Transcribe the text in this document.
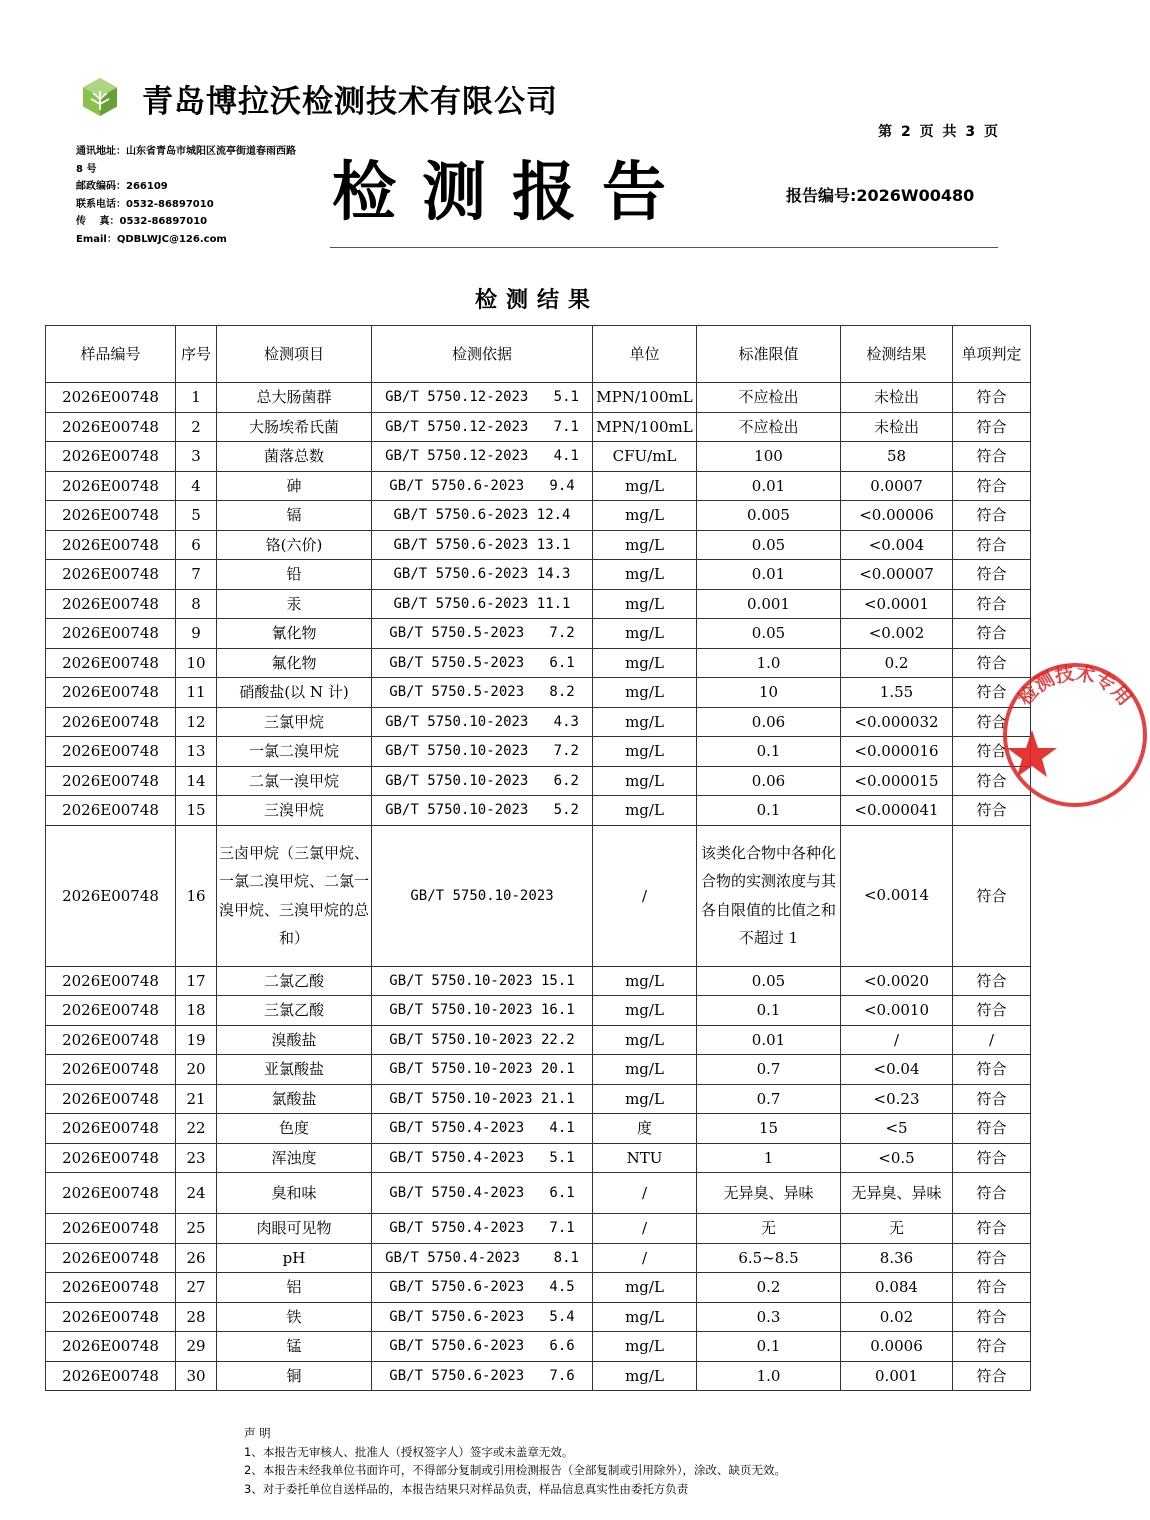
青岛博拉沃检测技术有限公司
第 2 页 共 3 页
通讯地址：山东省青岛市城阳区流亭街道春雨西路
8 号
邮政编码：266109
联系电话：0532-86897010
传　 真：0532-86897010
Email：QDBLWJC@126.com
检测报告	报告编号:2026W00480
检测结果
样品编号	序号	检测项目	检测依据	单位	标准限值	检测结果	单项判定
2026E00748	1	总大肠菌群	GB/T 5750.12-2023   5.1	MPN/100mL	不应检出	未检出	符合
2026E00748	2	大肠埃希氏菌	GB/T 5750.12-2023   7.1	MPN/100mL	不应检出	未检出	符合
2026E00748	3	菌落总数	GB/T 5750.12-2023   4.1	CFU/mL	100	58	符合
2026E00748	4	砷	GB/T 5750.6-2023   9.4	mg/L	0.01	0.0007	符合
2026E00748	5	镉	GB/T 5750.6-2023 12.4	mg/L	0.005	<0.00006	符合
2026E00748	6	铬(六价)	GB/T 5750.6-2023 13.1	mg/L	0.05	<0.004	符合
2026E00748	7	铅	GB/T 5750.6-2023 14.3	mg/L	0.01	<0.00007	符合
2026E00748	8	汞	GB/T 5750.6-2023 11.1	mg/L	0.001	<0.0001	符合
2026E00748	9	氰化物	GB/T 5750.5-2023   7.2	mg/L	0.05	<0.002	符合
2026E00748	10	氟化物	GB/T 5750.5-2023   6.1	mg/L	1.0	0.2	符合
2026E00748	11	硝酸盐(以 N 计)	GB/T 5750.5-2023   8.2	mg/L	10	1.55	符合
2026E00748	12	三氯甲烷	GB/T 5750.10-2023   4.3	mg/L	0.06	<0.000032	符合
2026E00748	13	一氯二溴甲烷	GB/T 5750.10-2023   7.2	mg/L	0.1	<0.000016	符合
2026E00748	14	二氯一溴甲烷	GB/T 5750.10-2023   6.2	mg/L	0.06	<0.000015	符合
2026E00748	15	三溴甲烷	GB/T 5750.10-2023   5.2	mg/L	0.1	<0.000041	符合
2026E00748	16	三卤甲烷（三氯甲烷、一氯二溴甲烷、二氯一溴甲烷、三溴甲烷的总和）	GB/T 5750.10-2023	/	该类化合物中各种化合物的实测浓度与其各自限值的比值之和不超过 1	<0.0014	符合
2026E00748	17	二氯乙酸	GB/T 5750.10-2023 15.1	mg/L	0.05	<0.0020	符合
2026E00748	18	三氯乙酸	GB/T 5750.10-2023 16.1	mg/L	0.1	<0.0010	符合
2026E00748	19	溴酸盐	GB/T 5750.10-2023 22.2	mg/L	0.01	/	/
2026E00748	20	亚氯酸盐	GB/T 5750.10-2023 20.1	mg/L	0.7	<0.04	符合
2026E00748	21	氯酸盐	GB/T 5750.10-2023 21.1	mg/L	0.7	<0.23	符合
2026E00748	22	色度	GB/T 5750.4-2023   4.1	度	15	<5	符合
2026E00748	23	浑浊度	GB/T 5750.4-2023   5.1	NTU	1	<0.5	符合
2026E00748	24	臭和味	GB/T 5750.4-2023   6.1	/	无异臭、异味	无异臭、异味	符合
2026E00748	25	肉眼可见物	GB/T 5750.4-2023   7.1	/	无	无	符合
2026E00748	26	pH	GB/T 5750.4-2023    8.1	/	6.5~8.5	8.36	符合
2026E00748	27	铝	GB/T 5750.6-2023   4.5	mg/L	0.2	0.084	符合
2026E00748	28	铁	GB/T 5750.6-2023   5.4	mg/L	0.3	0.02	符合
2026E00748	29	锰	GB/T 5750.6-2023   6.6	mg/L	0.1	0.0006	符合
2026E00748	30	铜	GB/T 5750.6-2023   7.6	mg/L	1.0	0.001	符合
检测技术专用
声 明
1、本报告无审核人、批准人（授权签字人）签字或未盖章无效。
2、本报告未经我单位书面许可，不得部分复制或引用检测报告（全部复制或引用除外），涂改、缺页无效。
3、对于委托单位自送样品的，本报告结果只对样品负责，样品信息真实性由委托方负责
